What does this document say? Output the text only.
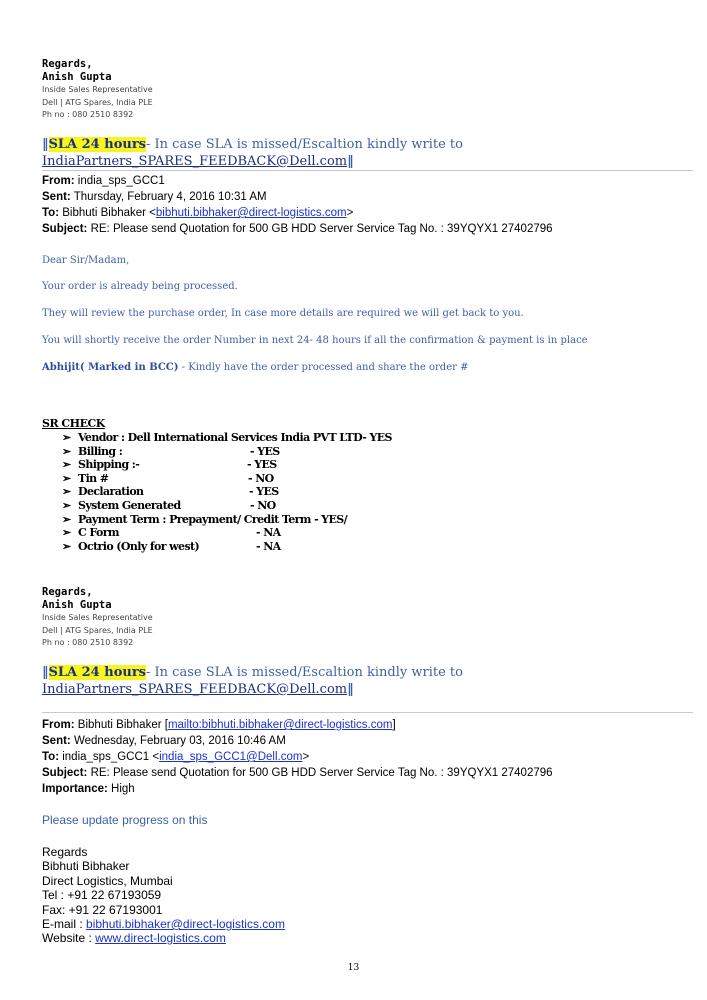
Regards,
Anish Gupta
Inside Sales Representative
Dell | ATG Spares, India PLE
Ph no : 080 2510 8392
‖SLA 24 hours- In case SLA is missed/Escaltion kindly write to
IndiaPartners_SPARES_FEEDBACK@Dell.com‖
From: india_sps_GCC1
Sent: Thursday, February 4, 2016 10:31 AM
To: Bibhuti Bibhaker <bibhuti.bibhaker@direct-logistics.com>
Subject: RE: Please send Quotation for 500 GB HDD Server Service Tag No. : 39YQYX1 27402796
Dear Sir/Madam,
Your order is already being processed.
They will review the purchase order, In case more details are required we will get back to you.
You will shortly receive the order Number in next 24- 48 hours if all the confirmation & payment is in place
Abhijit( Marked in BCC) - Kindly have the order processed and share the order #
SR CHECK
➢ Vendor : Dell International Services India PVT LTD- YES
➢ Billing :	- YES
➢ Shipping :-	- YES
➢ Tin #	- NO
➢ Declaration	- YES
➢ System Generated	- NO
➢ Payment Term : Prepayment/ Credit Term - YES/
➢ C Form	- NA
➢ Octrio (Only for west)	- NA
Regards,
Anish Gupta
Inside Sales Representative
Dell | ATG Spares, India PLE
Ph no : 080 2510 8392
‖SLA 24 hours- In case SLA is missed/Escaltion kindly write to
IndiaPartners_SPARES_FEEDBACK@Dell.com‖
From: Bibhuti Bibhaker [mailto:bibhuti.bibhaker@direct-logistics.com]
Sent: Wednesday, February 03, 2016 10:46 AM
To: india_sps_GCC1 <india_sps_GCC1@Dell.com>
Subject: RE: Please send Quotation for 500 GB HDD Server Service Tag No. : 39YQYX1 27402796
Importance: High
Please update progress on this
Regards
Bibhuti Bibhaker
Direct Logistics, Mumbai
Tel : +91 22 67193059
Fax: +91 22 67193001
E-mail : bibhuti.bibhaker@direct-logistics.com
Website : www.direct-logistics.com
13
